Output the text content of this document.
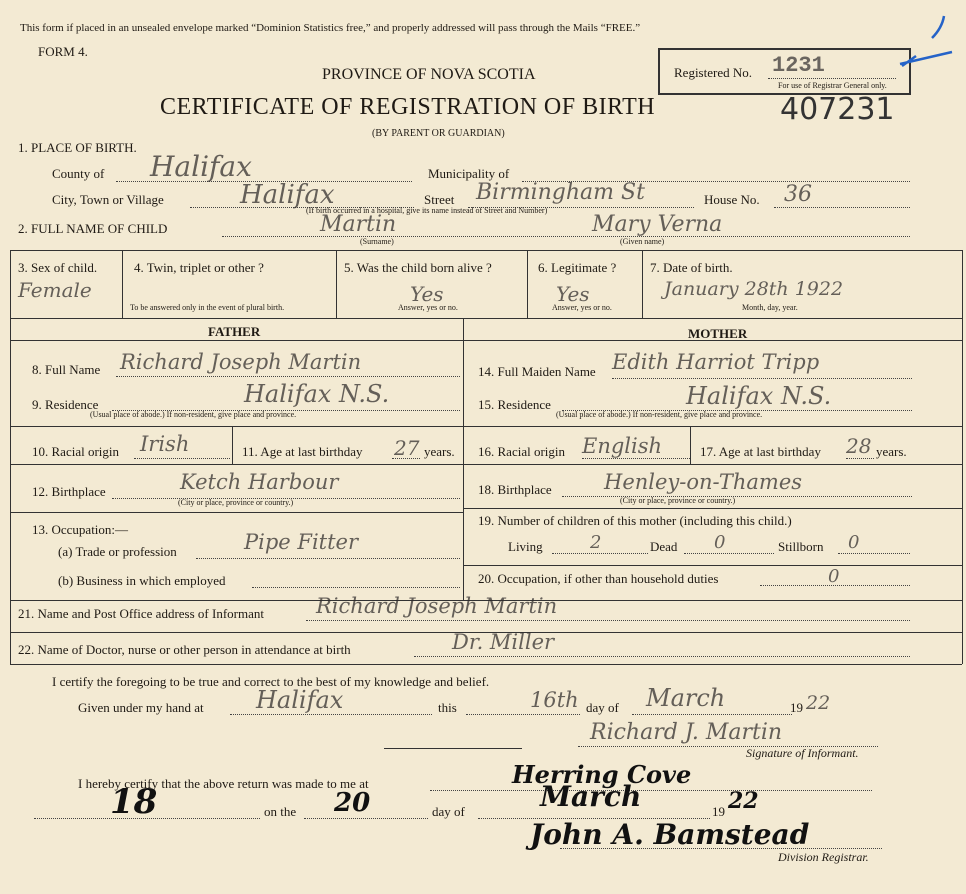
This form if placed in an unsealed envelope marked “Dominion Statistics free,” and properly addressed will pass through the Mails “FREE.”
FORM 4.
PROVINCE OF NOVA SCOTIA
CERTIFICATE OF REGISTRATION OF BIRTH
(BY PARENT OR GUARDIAN)
Registered No. 1231
For use of Registrar General only.
407231
1. PLACE OF BIRTH.
County of Halifax	Municipality of
City, Town or Village	Halifax	Street Birmingham St	House No. 36
(If birth occurred in a hospital, give its name instead of Street and Number)
2. FULL NAME OF CHILD	Martin
(Surname)
Mary Verna
(Given name)
3. Sex of child.
Female
4. Twin, triplet or other ?
To be answered only in the event of plural birth.
5. Was the child born alive ?
Yes
Answer, yes or no.
6. Legitimate ?
Yes
Answer, yes or no.
7. Date of birth.
January 28th 1922
Month, day, year.
FATHER	MOTHER
8. Full Name Richard Joseph Martin
9. Residence	Halifax N.S.
(Usual place of abode.) If non-resident, give place and province.
10. Racial origin Irish	11. Age at last birthday 27 years.
12. Birthplace	Ketch Harbour
(City or place, province or country.)
13. Occupation:—
(a) Trade or profession	Pipe Fitter
(b) Business in which employed
14. Full Maiden Name Edith Harriot Tripp
15. Residence	Halifax N.S.
(Usual place of abode.) If non-resident, give place and province.
16. Racial origin English	17. Age at last birthday 28 years.
18. Birthplace Henley-on-Thames
(City or place, province or country.)
19. Number of children of this mother (including this child.)
Living	2	Dead 0	Stillborn 0
20. Occupation, if other than household duties	0
21. Name and Post Office address of Informant Richard Joseph Martin
22. Name of Doctor, nurse or other person in attendance at birth	Dr. Miller
I certify the foregoing to be true and correct to the best of my knowledge and belief.
Given under my hand at Halifax	this	16th day of March	19 22
Richard J. Martin
Signature of Informant.
I hereby certify that the above return was made to me at	Herring Cove
18	on the 20	day of	March	19 22
John A. Bamstead
Division Registrar.
